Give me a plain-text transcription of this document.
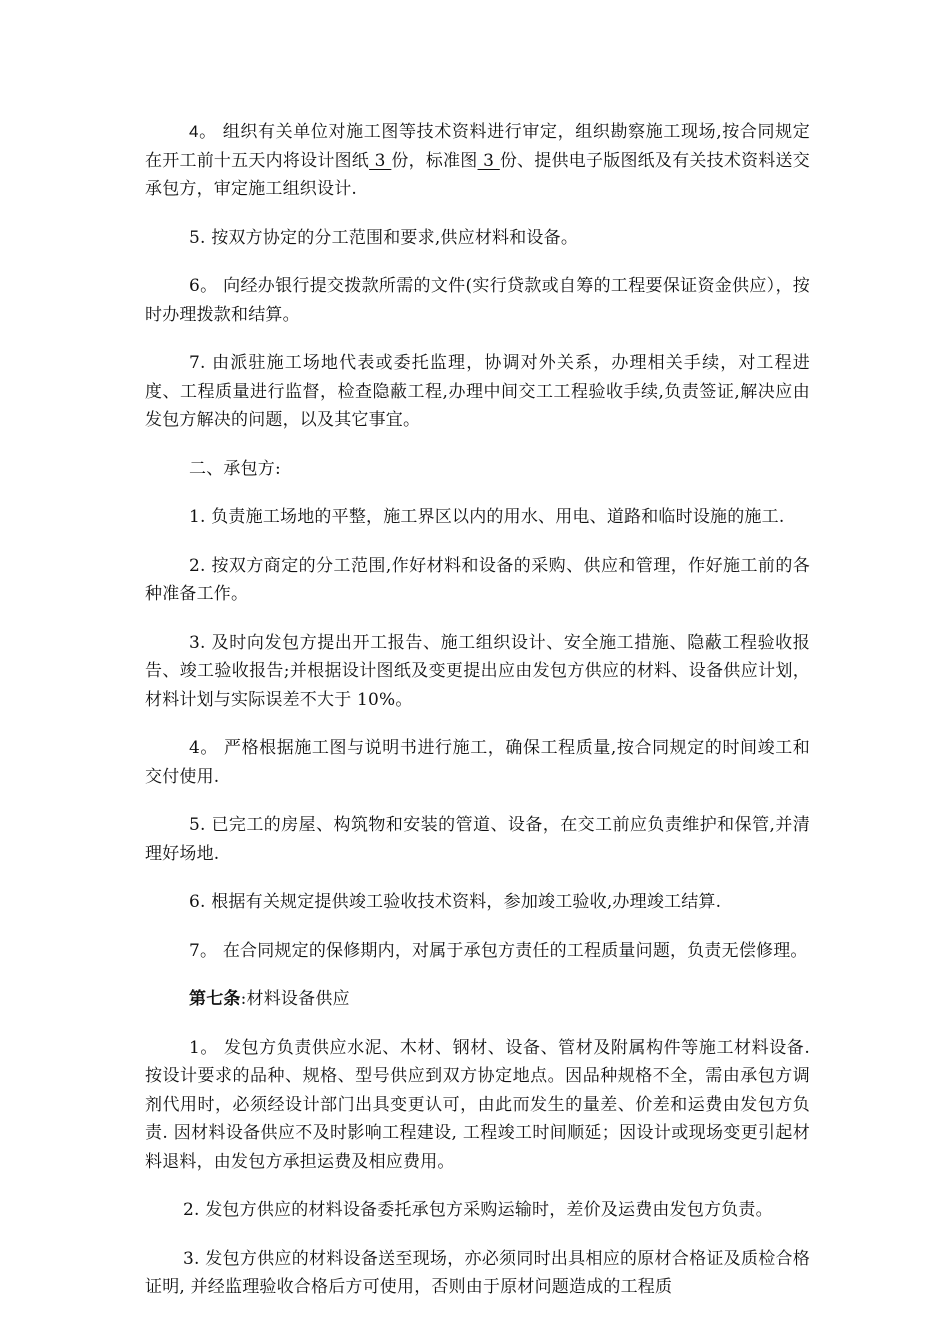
4。 组织有关单位对施工图等技术资料进行审定，组织勘察施工现场,按合同规定在开工前十五天内将设计图纸 3 份，标准图 3 份、提供电子版图纸及有关技术资料送交承包方，审定施工组织设计.

5. 按双方协定的分工范围和要求,供应材料和设备。

6。 向经办银行提交拨款所需的文件(实行贷款或自筹的工程要保证资金供应），按时办理拨款和结算。

7. 由派驻施工场地代表或委托监理，协调对外关系，办理相关手续，对工程进度、工程质量进行监督，检查隐蔽工程,办理中间交工工程验收手续,负责签证,解决应由发包方解决的问题，以及其它事宜。

二、承包方:

1. 负责施工场地的平整，施工界区以内的用水、用电、道路和临时设施的施工.

2. 按双方商定的分工范围,作好材料和设备的采购、供应和管理，作好施工前的各种准备工作。

3. 及时向发包方提出开工报告、施工组织设计、安全施工措施、隐蔽工程验收报告、竣工验收报告;并根据设计图纸及变更提出应由发包方供应的材料、设备供应计划，材料计划与实际误差不大于 10%。

4。 严格根据施工图与说明书进行施工，确保工程质量,按合同规定的时间竣工和交付使用.

5. 已完工的房屋、构筑物和安装的管道、设备，在交工前应负责维护和保管,并清理好场地.

6. 根据有关规定提供竣工验收技术资料，参加竣工验收,办理竣工结算.

7。 在合同规定的保修期内，对属于承包方责任的工程质量问题，负责无偿修理。

第七条:材料设备供应

1。 发包方负责供应水泥、木材、钢材、设备、管材及附属构件等施工材料设备. 按设计要求的品种、规格、型号供应到双方协定地点。因品种规格不全，需由承包方调剂代用时，必须经设计部门出具变更认可，由此而发生的量差、价差和运费由发包方负责. 因材料设备供应不及时影响工程建设, 工程竣工时间顺延；因设计或现场变更引起材料退料，由发包方承担运费及相应费用。

2. 发包方供应的材料设备委托承包方采购运输时，差价及运费由发包方负责。

3. 发包方供应的材料设备送至现场，亦必须同时出具相应的原材合格证及质检合格证明, 并经监理验收合格后方可使用，否则由于原材问题造成的工程质
